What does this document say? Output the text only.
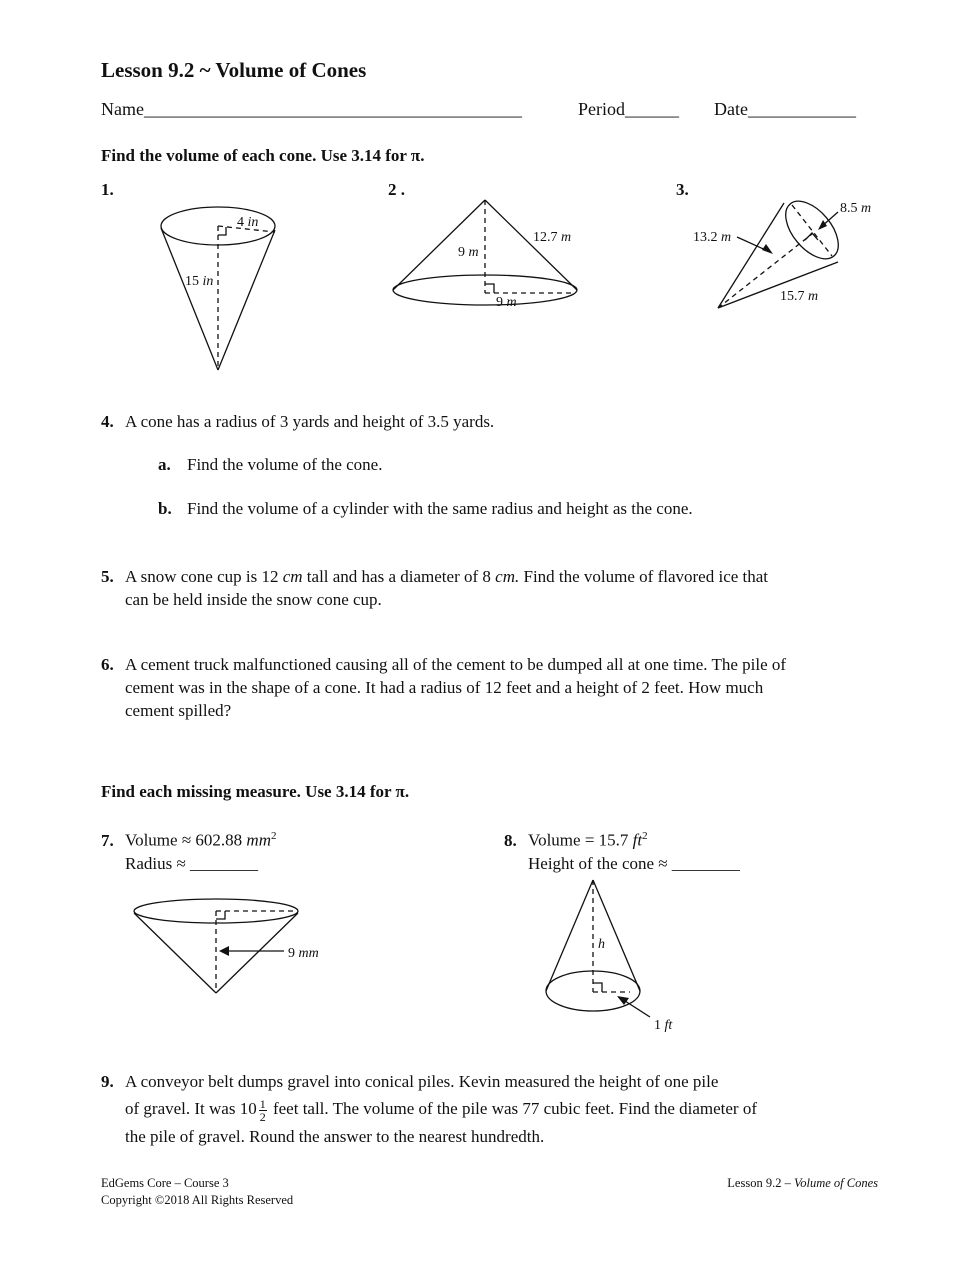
Lesson 9.2 ~ Volume of Cones
Name__________________________________________	Period______ Date____________
Find the volume of each cone. Use 3.14 for π.
1.	2 .	3.
4 in
15 in
9 m
9 m
12.7 m	13.2 m
8.5 m
15.7 m
9 mm
h
1 ft
4. A cone has a radius of 3 yards and height of 3.5 yards.
a. Find the volume of the cone.
b. Find the volume of a cylinder with the same radius and height as the cone.
5. A snow cone cup is 12 cm tall and has a diameter of 8 cm. Find the volume of flavored ice that
can be held inside the snow cone cup.
6. A cement truck malfunctioned causing all of the cement to be dumped all at one time. The pile of
cement was in the shape of a cone. It had a radius of 12 feet and a height of 2 feet. How much
cement spilled?
Find each missing measure. Use 3.14 for π.
7. Volume ≈ 602.88 $mm^2$
Radius ≈ ________
8. Volume = 15.7 $ft^2$
Height of the cone ≈ ________
9. A conveyor belt dumps gravel into conical piles. Kevin measured the height of one pile
of gravel. It was $10 \frac{1}{2}$ feet tall. The volume of the pile was 77 cubic feet. Find the diameter of
the pile of gravel. Round the answer to the nearest hundredth.
EdGems Core – Course 3
Copyright ©2018 All Rights Reserved
Lesson 9.2 – Volume of Cones
